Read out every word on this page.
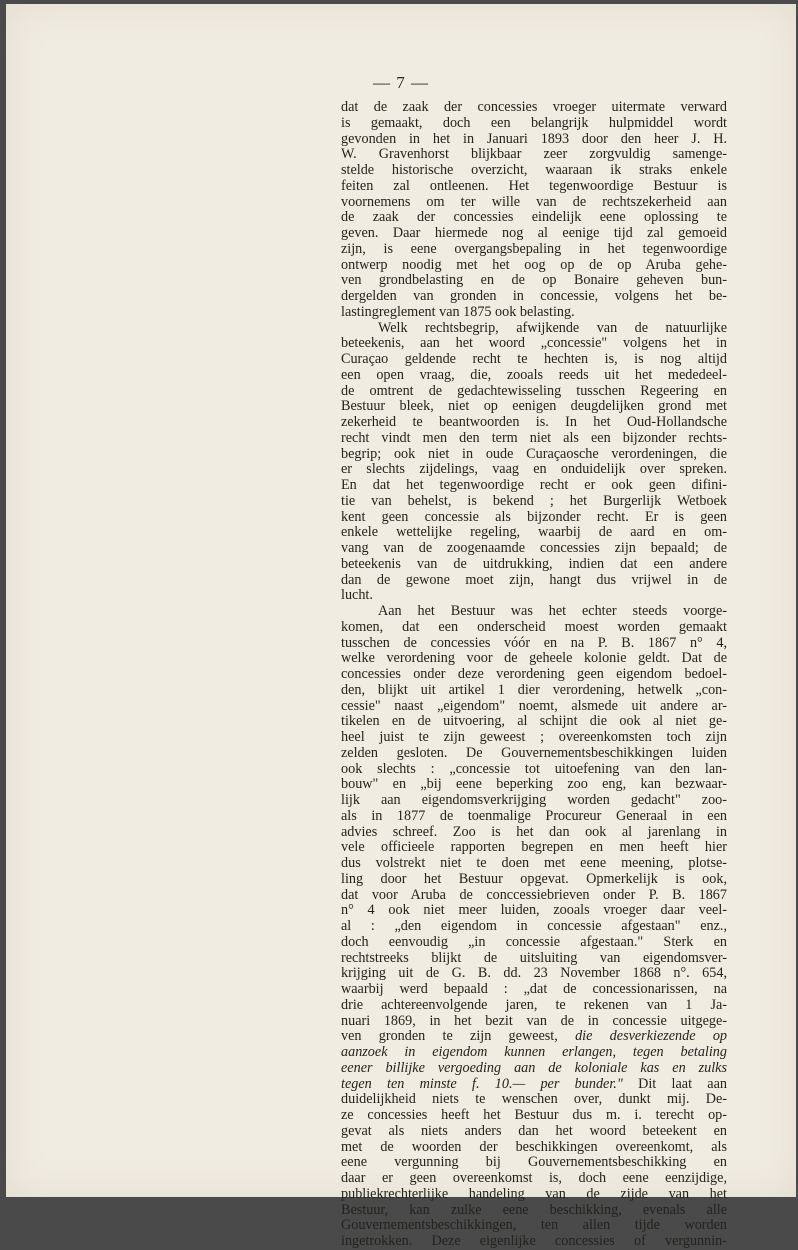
— 7 —
dat de zaak der concessies vroeger uitermate verward
is gemaakt, doch een belangrijk hulpmiddel wordt
gevonden in het in Januari 1893 door den heer J. H.
W. Gravenhorst blijkbaar zeer zorgvuldig samenge-
stelde historische overzicht, waaraan ik straks enkele
feiten zal ontleenen. Het tegenwoordige Bestuur is
voornemens om ter wille van de rechtszekerheid aan
de zaak der concessies eindelijk eene oplossing te
geven. Daar hiermede nog al eenige tijd zal gemoeid
zijn, is eene overgangsbepaling in het tegenwoordige
ontwerp noodig met het oog op de op Aruba gehe-
ven grondbelasting en de op Bonaire geheven bun-
dergelden van gronden in concessie, volgens het be-
lastingreglement van 1875 ook belasting.
Welk rechtsbegrip, afwijkende van de natuurlijke
beteekenis, aan het woord „concessie" volgens het in
Curaçao geldende recht te hechten is, is nog altijd
een open vraag, die, zooals reeds uit het mededeel-
de omtrent de gedachtewisseling tusschen Regeering en
Bestuur bleek, niet op eenigen deugdelijken grond met
zekerheid te beantwoorden is. In het Oud-Hollandsche
recht vindt men den term niet als een bijzonder rechts-
begrip; ook niet in oude Curaçaosche verordeningen, die
er slechts zijdelings, vaag en onduidelijk over spreken.
En dat het tegenwoordige recht er ook geen difini-
tie van behelst, is bekend ; het Burgerlijk Wetboek
kent geen concessie als bijzonder recht. Er is geen
enkele wettelijke regeling, waarbij de aard en om-
vang van de zoogenaamde concessies zijn bepaald; de
beteekenis van de uitdrukking, indien dat een andere
dan de gewone moet zijn, hangt dus vrijwel in de
lucht.
Aan het Bestuur was het echter steeds voorge-
komen, dat een onderscheid moest worden gemaakt
tusschen de concessies vóór en na P. B. 1867 n° 4,
welke verordening voor de geheele kolonie geldt. Dat de
concessies onder deze verordening geen eigendom bedoel-
den, blijkt uit artikel 1 dier verordening, hetwelk „con-
cessie" naast „eigendom" noemt, alsmede uit andere ar-
tikelen en de uitvoering, al schijnt die ook al niet ge-
heel juist te zijn geweest ; overeenkomsten toch zijn
zelden gesloten. De Gouvernementsbeschikkingen luiden
ook slechts : „concessie tot uitoefening van den lan-
bouw" en „bij eene beperking zoo eng, kan bezwaar-
lijk aan eigendomsverkrijging worden gedacht" zoo-
als in 1877 de toenmalige Procureur Generaal in een
advies schreef. Zoo is het dan ook al jarenlang in
vele officieele rapporten begrepen en men heeft hier
dus volstrekt niet te doen met eene meening, plotse-
ling door het Bestuur opgevat. Opmerkelijk is ook,
dat voor Aruba de conccessiebrieven onder P. B. 1867
n° 4 ook niet meer luiden, zooals vroeger daar veel-
al : „den eigendom in concessie afgestaan" enz.,
doch eenvoudig „in concessie afgestaan." Sterk en
rechtstreeks blijkt de uitsluiting van eigendomsver-
krijging uit de G. B. dd. 23 November 1868 n°. 654,
waarbij werd bepaald : „dat de concessionarissen, na
drie achtereenvolgende jaren, te rekenen van 1 Ja-
nuari 1869, in het bezit van de in concessie uitgege-
ven gronden te zijn geweest, die desverkiezende op
aanzoek in eigendom kunnen erlangen, tegen betaling
eener billijke vergoeding aan de koloniale kas en zulks
tegen ten minste f. 10.— per bunder." Dit laat aan
duidelijkheid niets te wenschen over, dunkt mij. De-
ze concessies heeft het Bestuur dus m. i. terecht op-
gevat als niets anders dan het woord beteekent en
met de woorden der beschikkingen overeenkomt, als
eene vergunning bij Gouvernementsbeschikking en
daar er geen overeenkomst is, doch eene eenzijdige,
publiekrechterlijke handeling van de zijde van het
Bestuur, kan zulke eene beschikking, evenals alle
Gouvernementsbeschikkingen, ten allen tijde worden
ingetrokken. Deze eigenlijke concessies of vergunnin-
